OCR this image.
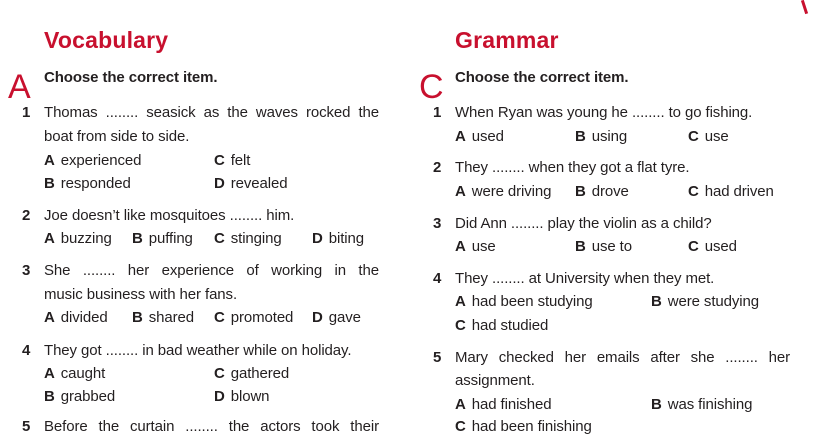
Vocabulary
A Choose the correct item.
1 Thomas ........ seasick as the waves rocked the
boat from side to side.
A experienced	C felt
B responded	D revealed
2 Joe doesn’t like mosquitoes ........ him.
A buzzing B puffing C stinging D biting
3 She ........ her experience of working in the
music business with her fans.
A divided B shared C promoted D gave
4 They got ........ in bad weather while on holiday.
A caught	C gathered
B grabbed	D blown
5 Before the curtain ........ the actors took their
Grammar
C Choose the correct item.
1 When Ryan was young he ........ to go fishing.
A used	B using	C use
2 They ........ when they got a flat tyre.
A were driving B drove	C had driven
3 Did Ann ........ play the violin as a child?
A use	B use to	C used
4 They ........ at University when they met.
A had been studying	B were studying
C had studied
5 Mary checked her emails after she ........ her
assignment.
A had finished	B was finishing
C had been finishing
